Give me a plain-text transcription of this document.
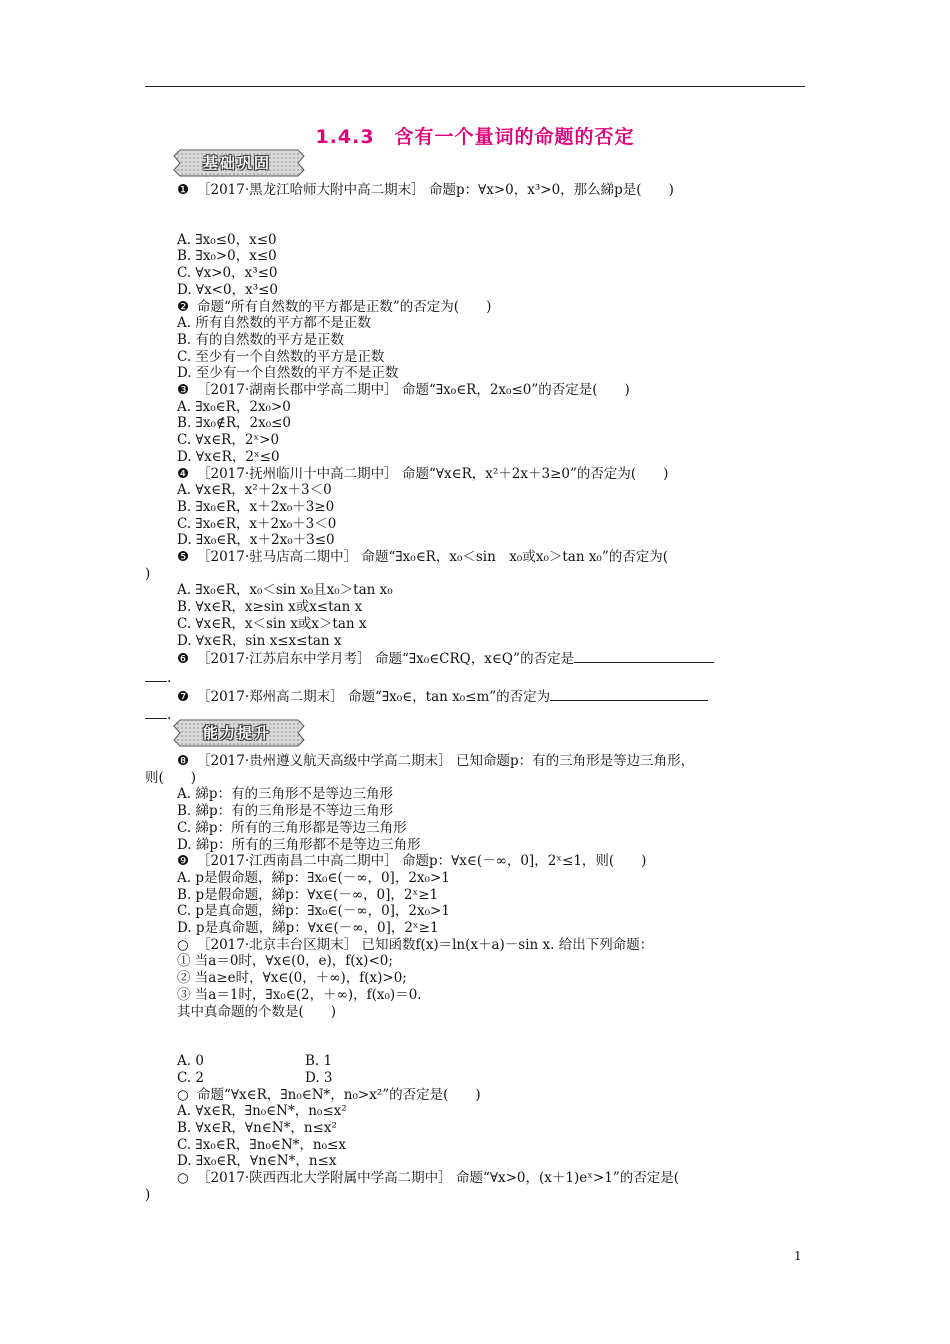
1.4.3　含有一个量词的命题的否定
基础巩固
能力提升
❶ ［2017·黑龙江哈师大附中高二期末］ 命题p：∀x>0，x³>0，那么綈p是(　　)
A. ∃x₀≤0，x≤0
B. ∃x₀>0，x≤0
C. ∀x>0，x³≤0
D. ∀x<0，x³≤0
❷ 命题“所有自然数的平方都是正数”的否定为(　　)
A. 所有自然数的平方都不是正数
B. 有的自然数的平方是正数
C. 至少有一个自然数的平方是正数
D. 至少有一个自然数的平方不是正数
❸ ［2017·湖南长郡中学高二期中］ 命题“∃x₀∈R，2x₀≤0”的否定是(　　)
A. ∃x₀∈R，2x₀>0
B. ∃x₀∉R，2x₀≤0
C. ∀x∈R，2ˣ>0
D. ∀x∈R，2ˣ≤0
❹ ［2017·抚州临川十中高二期中］ 命题“∀x∈R，x²＋2x＋3≥0”的否定为(　　)
A. ∀x∈R，x²＋2x＋3＜0
B. ∃x₀∈R，x＋2x₀＋3≥0
C. ∃x₀∈R，x＋2x₀＋3＜0
D. ∃x₀∈R，x＋2x₀＋3≤0
❺ ［2017·驻马店高二期中］ 命题“∃x₀∈R，x₀＜sin　x₀或x₀＞tan x₀”的否定为(
)
A. ∃x₀∈R，x₀＜sin x₀且x₀＞tan x₀
B. ∀x∈R，x≥sin x或x≤tan x
C. ∀x∈R，x＜sin x或x＞tan x
D. ∀x∈R，sin x≤x≤tan x
❻ ［2017·江苏启东中学月考］ 命题“∃x₀∈CRQ，x∈Q”的否定是
.
❼ ［2017·郑州高二期末］ 命题“∃x₀∈，tan x₀≤m”的否定为
.
❽ ［2017·贵州遵义航天高级中学高二期末］ 已知命题p：有的三角形是等边三角形，
则(　　)
A. 綈p：有的三角形不是等边三角形
B. 綈p：有的三角形是不等边三角形
C. 綈p：所有的三角形都是等边三角形
D. 綈p：所有的三角形都不是等边三角形
❾ ［2017·江西南昌二中高二期中］ 命题p：∀x∈(－∞，0]，2ˣ≤1，则(　　)
A. p是假命题，綈p：∃x₀∈(－∞，0]，2x₀>1
B. p是假命题，綈p：∀x∈(－∞，0]，2ˣ≥1
C. p是真命题，綈p：∃x₀∈(－∞，0]，2x₀>1
D. p是真命题，綈p：∀x∈(－∞，0]，2ˣ≥1
○ ［2017·北京丰台区期末］ 已知函数f(x)＝ln(x＋a)－sin x. 给出下列命题：
① 当a＝0时，∀x∈(0，e)，f(x)<0;
② 当a≥e时，∀x∈(0，＋∞)，f(x)>0;
③ 当a＝1时，∃x₀∈(2，＋∞)，f(x₀)＝0.
其中真命题的个数是(　　)
A. 0	B. 1
C. 2	D. 3
○ 命题“∀x∈R，∃n₀∈N*，n₀>x²”的否定是(　　)
A. ∀x∈R，∃n₀∈N*，n₀≤x²
B. ∀x∈R，∀n∈N*，n≤x²
C. ∃x₀∈R，∃n₀∈N*，n₀≤x
D. ∃x₀∈R，∀n∈N*，n≤x
○ ［2017·陕西西北大学附属中学高二期中］ 命题“∀x>0，(x＋1)eˣ>1”的否定是(
)
1
